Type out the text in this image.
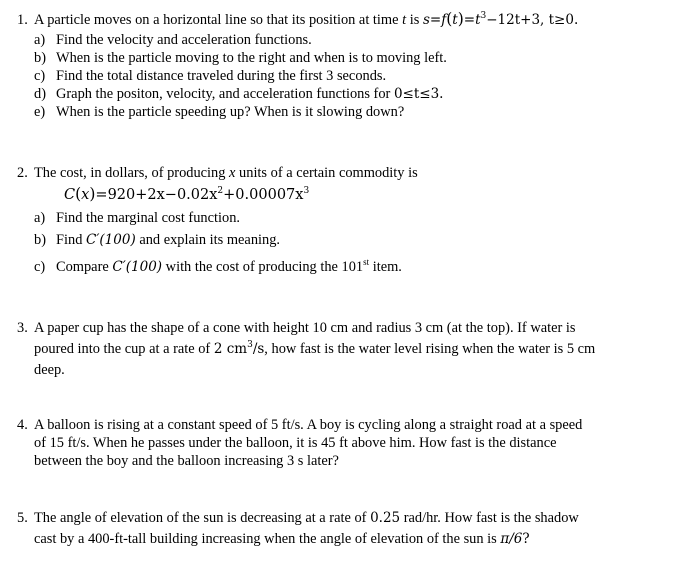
1. A particle moves on a horizontal line so that its position at time t is $s=f(t)=t^3-12t+3$, t≥0.
a) Find the velocity and acceleration functions.
b) When is the particle moving to the right and when is to moving left.
c) Find the total distance traveled during the first 3 seconds.
d) Graph the positon, velocity, and acceleration functions for 0≤t≤3.
e) When is the particle speeding up? When is it slowing down?
2. The cost, in dollars, of producing x units of a certain commodity is
$C(x)=920+2x-0.02x^2+0.00007x^3$
a) Find the marginal cost function.
b) Find C′(100) and explain its meaning.
c) Compare C′(100) with the cost of producing the 101st item.
3. A paper cup has the shape of a cone with height 10 cm and radius 3 cm (at the top). If water is
poured into the cup at a rate of 2 $cm^3/s$, how fast is the water level rising when the water is 5 cm
deep.
4. A balloon is rising at a constant speed of 5 ft/s. A boy is cycling along a straight road at a speed
of 15 ft/s. When he passes under the balloon, it is 45 ft above him. How fast is the distance
between the boy and the balloon increasing 3 s later?
5. The angle of elevation of the sun is decreasing at a rate of 0.25 rad/hr. How fast is the shadow
cast by a 400-ft-tall building increasing when the angle of elevation of the sun is π/6?
